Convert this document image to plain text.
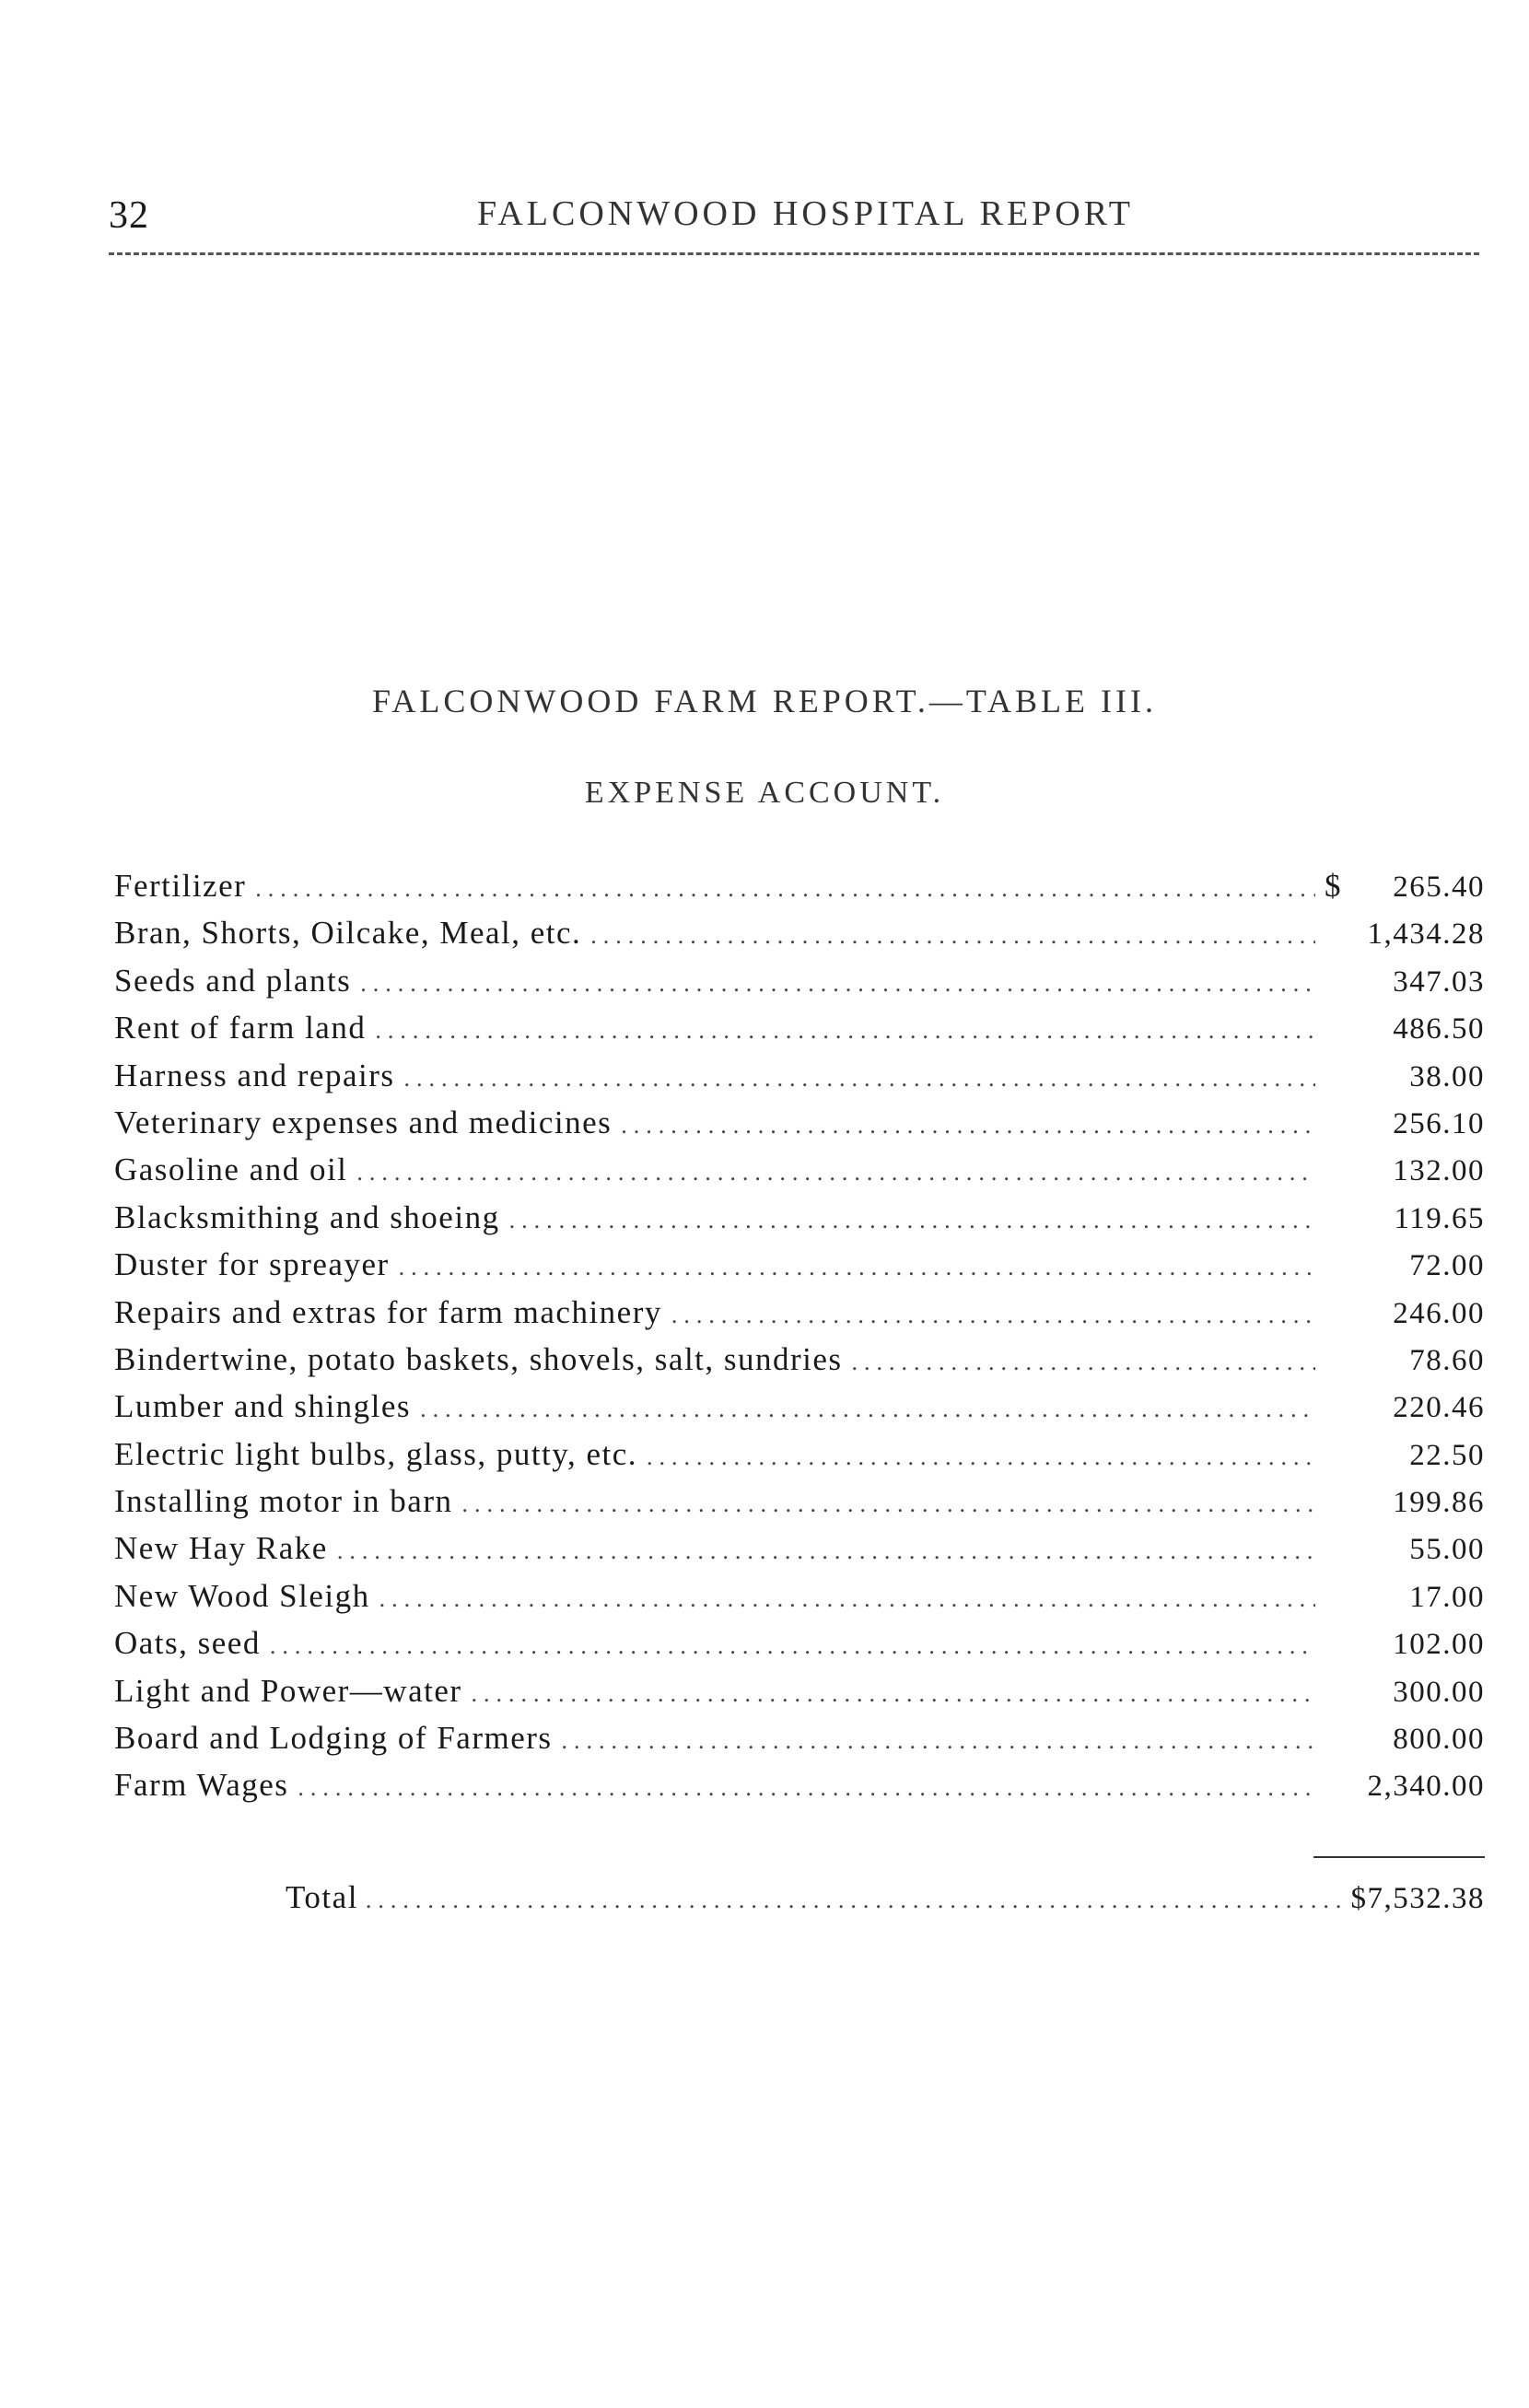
32	FALCONWOOD HOSPITAL REPORT
FALCONWOOD FARM REPORT.—TABLE III.
EXPENSE ACCOUNT.
Fertilizer .....	$	265.40
Bran, Shorts, Oilcake, Meal, etc. .....	1,434.28
Seeds and plants .....	347.03
Rent of farm land .....	486.50
Harness and repairs .....	38.00
Veterinary expenses and medicines .....	256.10
Gasoline and oil .....	132.00
Blacksmithing and shoeing .....	119.65
Duster for spreayer .....	72.00
Repairs and extras for farm machinery .....	246.00
Bindertwine, potato baskets, shovels, salt, sundries .....	78.60
Lumber and shingles .....	220.46
Electric light bulbs, glass, putty, etc. .....	22.50
Installing motor in barn .....	199.86
New Hay Rake .....	55.00
New Wood Sleigh .....	17.00
Oats, seed .....	102.00
Light and Power—water .....	300.00
Board and Lodging of Farmers .....	800.00
Farm Wages .....	2,340.00
Total .....	$7,532.38
